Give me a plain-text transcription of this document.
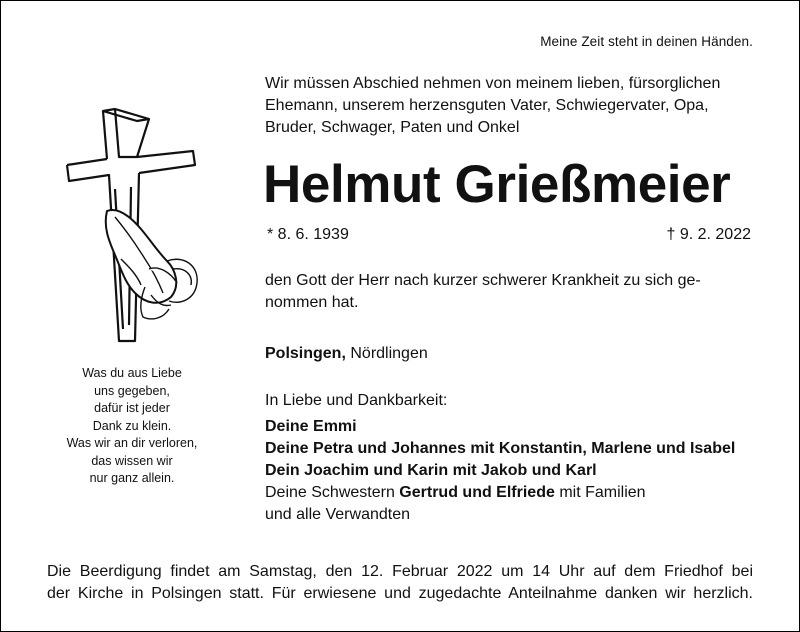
Meine Zeit steht in deinen Händen.
Wir müssen Abschied nehmen von meinem lieben, fürsorglichen
Ehemann, unserem herzensguten Vater, Schwiegervater, Opa,
Bruder, Schwager, Paten und Onkel
Helmut Grießmeier
* 8. 6. 1939	† 9. 2. 2022
den Gott der Herr nach kurzer schwerer Krankheit zu sich ge-
nommen hat.
Polsingen, Nördlingen
In Liebe und Dankbarkeit:
Deine Emmi
Deine Petra und Johannes mit Konstantin, Marlene und Isabel
Dein Joachim und Karin mit Jakob und Karl
Deine Schwestern Gertrud und Elfriede mit Familien
und alle Verwandten
Was du aus Liebe
uns gegeben,
dafür ist jeder
Dank zu klein.
Was wir an dir verloren,
das wissen wir
nur ganz allein.
Die Beerdigung findet am Samstag, den 12. Februar 2022 um 14 Uhr auf dem Friedhof bei
der Kirche in Polsingen statt. Für erwiesene und zugedachte Anteilnahme danken wir herzlich.
